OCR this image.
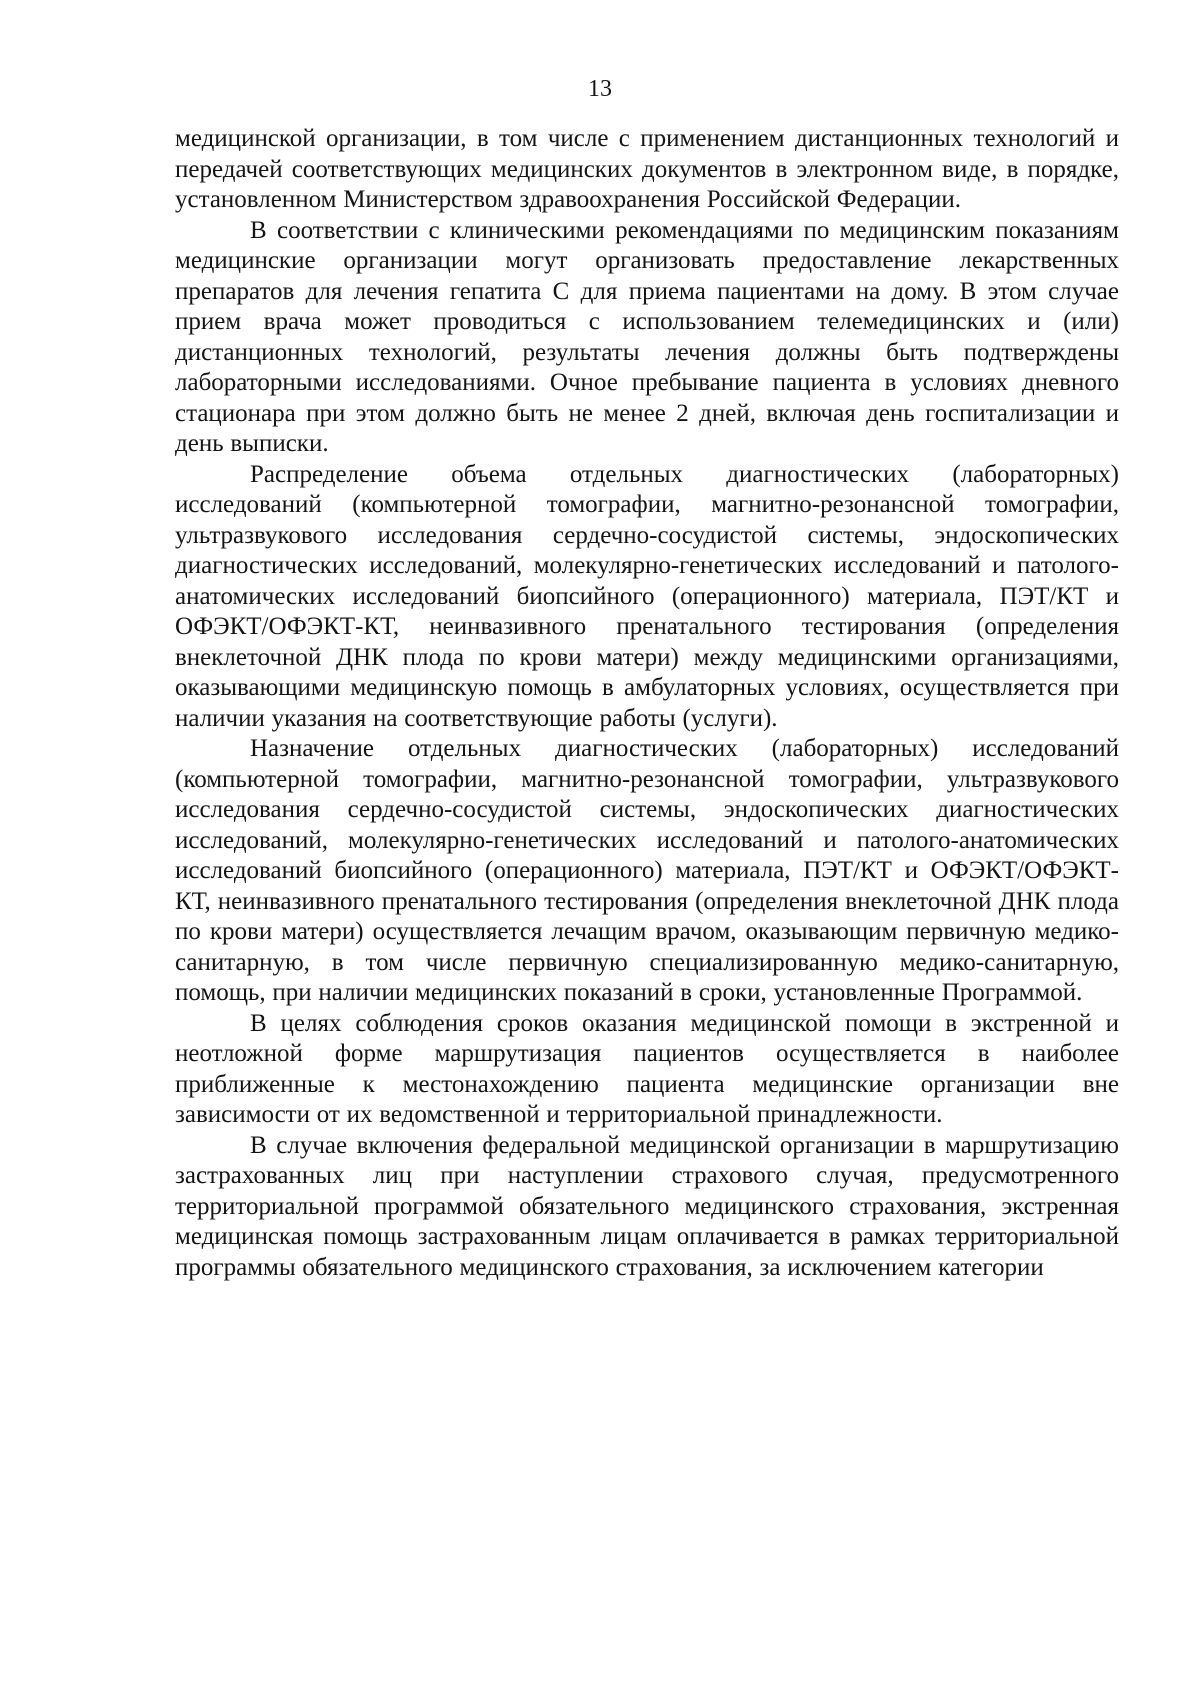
13

медицинской организации, в том числе с применением дистанционных технологий и передачей соответствующих медицинских документов в электронном виде, в порядке, установленном Министерством здравоохранения Российской Федерации.

В соответствии с клиническими рекомендациями по медицинским показаниям медицинские организации могут организовать предоставление лекарственных препаратов для лечения гепатита С для приема пациентами на дому. В этом случае прием врача может проводиться с использованием телемедицинских и (или) дистанционных технологий, результаты лечения должны быть подтверждены лабораторными исследованиями. Очное пребывание пациента в условиях дневного стационара при этом должно быть не менее 2 дней, включая день госпитализации и день выписки.

Распределение объема отдельных диагностических (лабораторных) исследований (компьютерной томографии, магнитно-резонансной томографии, ультразвукового исследования сердечно-сосудистой системы, эндоскопических диагностических исследований, молекулярно-генетических исследований и патолого-анатомических исследований биопсийного (операционного) материала, ПЭТ/КТ и ОФЭКТ/ОФЭКТ-КТ, неинвазивного пренатального тестирования (определения внеклеточной ДНК плода по крови матери) между медицинскими организациями, оказывающими медицинскую помощь в амбулаторных условиях, осуществляется при наличии указания на соответствующие работы (услуги).

Назначение отдельных диагностических (лабораторных) исследований (компьютерной томографии, магнитно-резонансной томографии, ультразвукового исследования сердечно-сосудистой системы, эндоскопических диагностических исследований, молекулярно-генетических исследований и патолого-анатомических исследований биопсийного (операционного) материала, ПЭТ/КТ и ОФЭКТ/ОФЭКТ-КТ, неинвазивного пренатального тестирования (определения внеклеточной ДНК плода по крови матери) осуществляется лечащим врачом, оказывающим первичную медико-санитарную, в том числе первичную специализированную медико-санитарную, помощь, при наличии медицинских показаний в сроки, установленные Программой.

В целях соблюдения сроков оказания медицинской помощи в экстренной и неотложной форме маршрутизация пациентов осуществляется в наиболее приближенные к местонахождению пациента медицинские организации вне зависимости от их ведомственной и территориальной принадлежности.

В случае включения федеральной медицинской организации в маршрутизацию застрахованных лиц при наступлении страхового случая, предусмотренного территориальной программой обязательного медицинского страхования, экстренная медицинская помощь застрахованным лицам оплачивается в рамках территориальной программы обязательного медицинского страхования, за исключением категории
